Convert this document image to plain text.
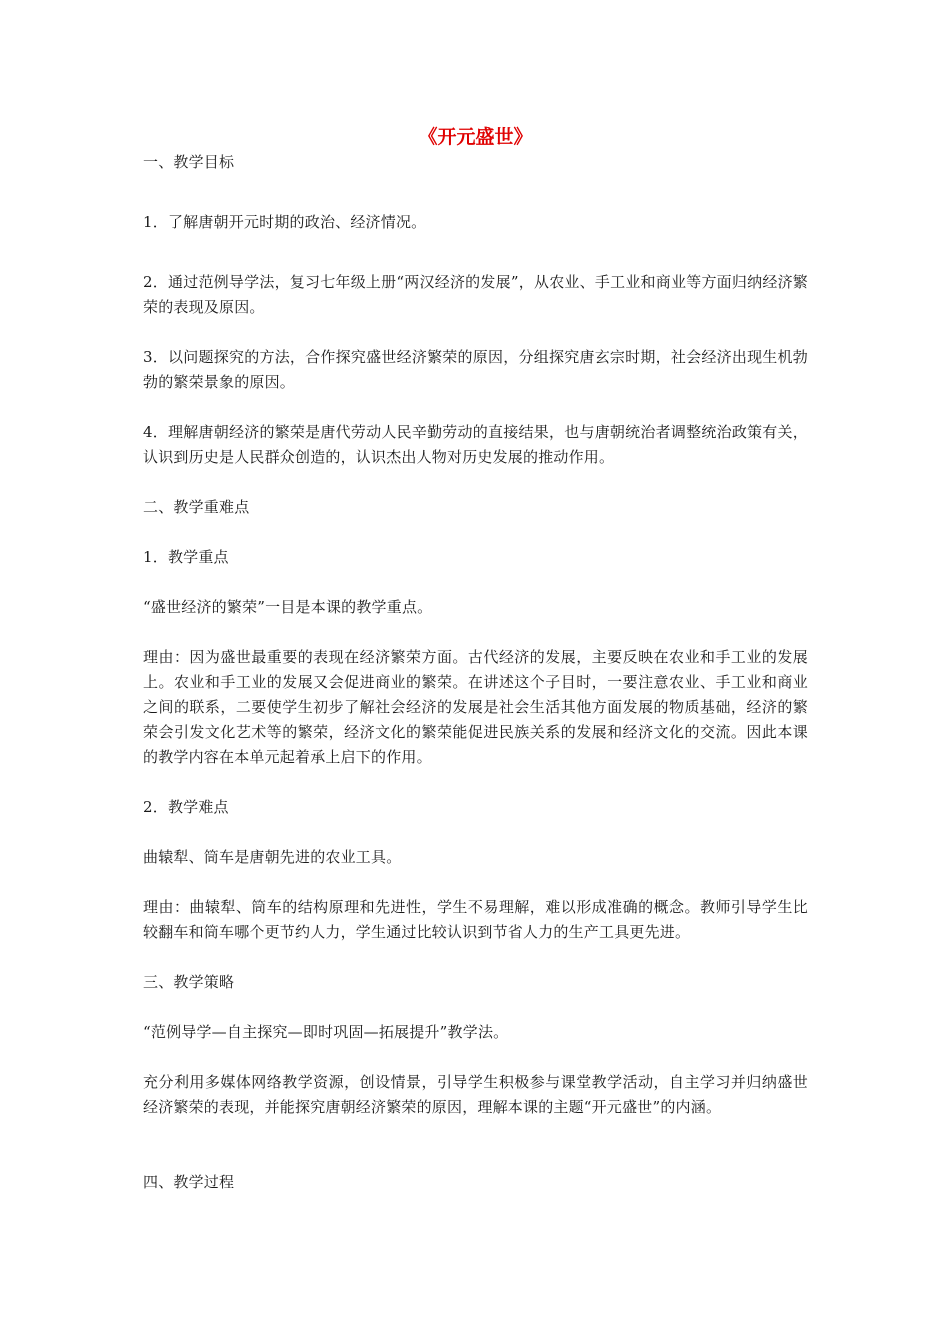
《开元盛世》

一、教学目标

1．了解唐朝开元时期的政治、经济情况。

2．通过范例导学法，复习七年级上册“两汉经济的发展”，从农业、手工业和商业等方面归纳经济繁荣的表现及原因。

3．以问题探究的方法，合作探究盛世经济繁荣的原因，分组探究唐玄宗时期，社会经济出现生机勃勃的繁荣景象的原因。

4．理解唐朝经济的繁荣是唐代劳动人民辛勤劳动的直接结果，也与唐朝统治者调整统治政策有关，认识到历史是人民群众创造的，认识杰出人物对历史发展的推动作用。

二、教学重难点

1．教学重点

“盛世经济的繁荣”一目是本课的教学重点。

理由：因为盛世最重要的表现在经济繁荣方面。古代经济的发展，主要反映在农业和手工业的发展上。农业和手工业的发展又会促进商业的繁荣。在讲述这个子目时，一要注意农业、手工业和商业之间的联系，二要使学生初步了解社会经济的发展是社会生活其他方面发展的物质基础，经济的繁荣会引发文化艺术等的繁荣，经济文化的繁荣能促进民族关系的发展和经济文化的交流。因此本课的教学内容在本单元起着承上启下的作用。

2．教学难点

曲辕犁、筒车是唐朝先进的农业工具。

理由：曲辕犁、筒车的结构原理和先进性，学生不易理解，难以形成准确的概念。教师引导学生比较翻车和筒车哪个更节约人力，学生通过比较认识到节省人力的生产工具更先进。

三、教学策略

“范例导学—自主探究—即时巩固—拓展提升”教学法。

充分利用多媒体网络教学资源，创设情景，引导学生积极参与课堂教学活动，自主学习并归纳盛世经济繁荣的表现，并能探究唐朝经济繁荣的原因，理解本课的主题“开元盛世”的内涵。

四、教学过程
